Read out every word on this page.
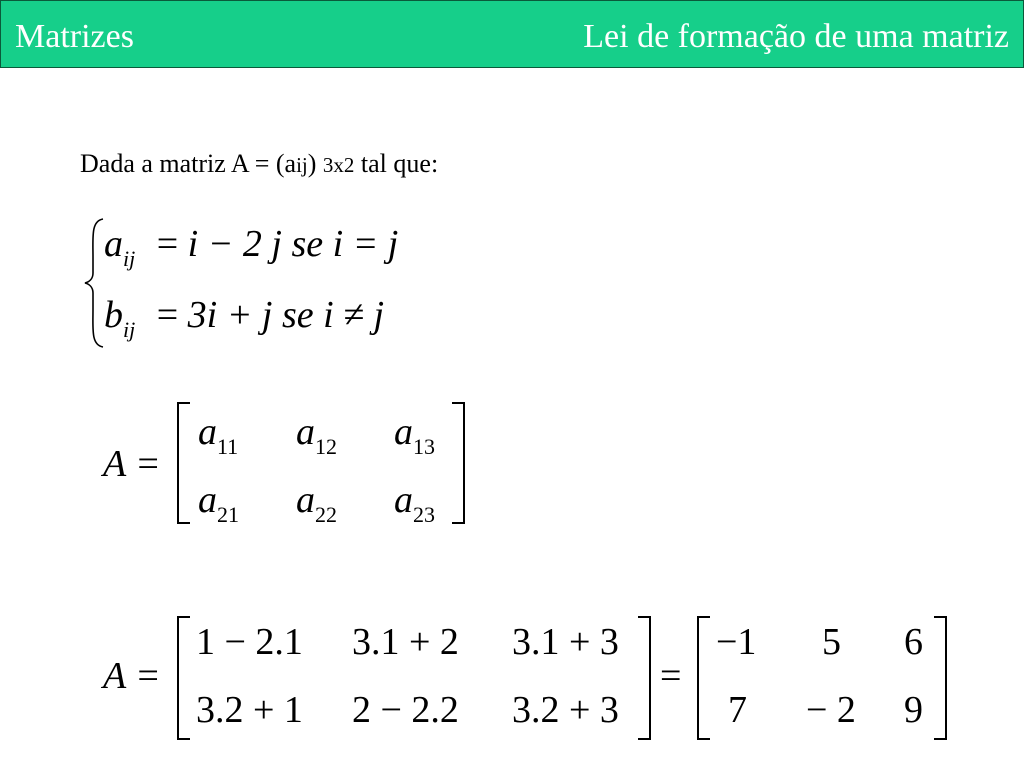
Matrizes	Lei de formação de uma matriz
Dada a matriz A = (aij) 3x2 tal que:
$a_{ij} = i - 2$ j se i = j
$b_{ij} = 3i + j$ se i ≠ j
A =
$a_{11}$ $a_{12}$ $a_{13}$
$a_{21}$ $a_{22}$ $a_{23}$
A =
1 − 2.1 3.1 + 2 3.1 + 3
3.2 + 1 2 − 2.2 3.2 + 3
=
−1 5 6
7 − 2 9
